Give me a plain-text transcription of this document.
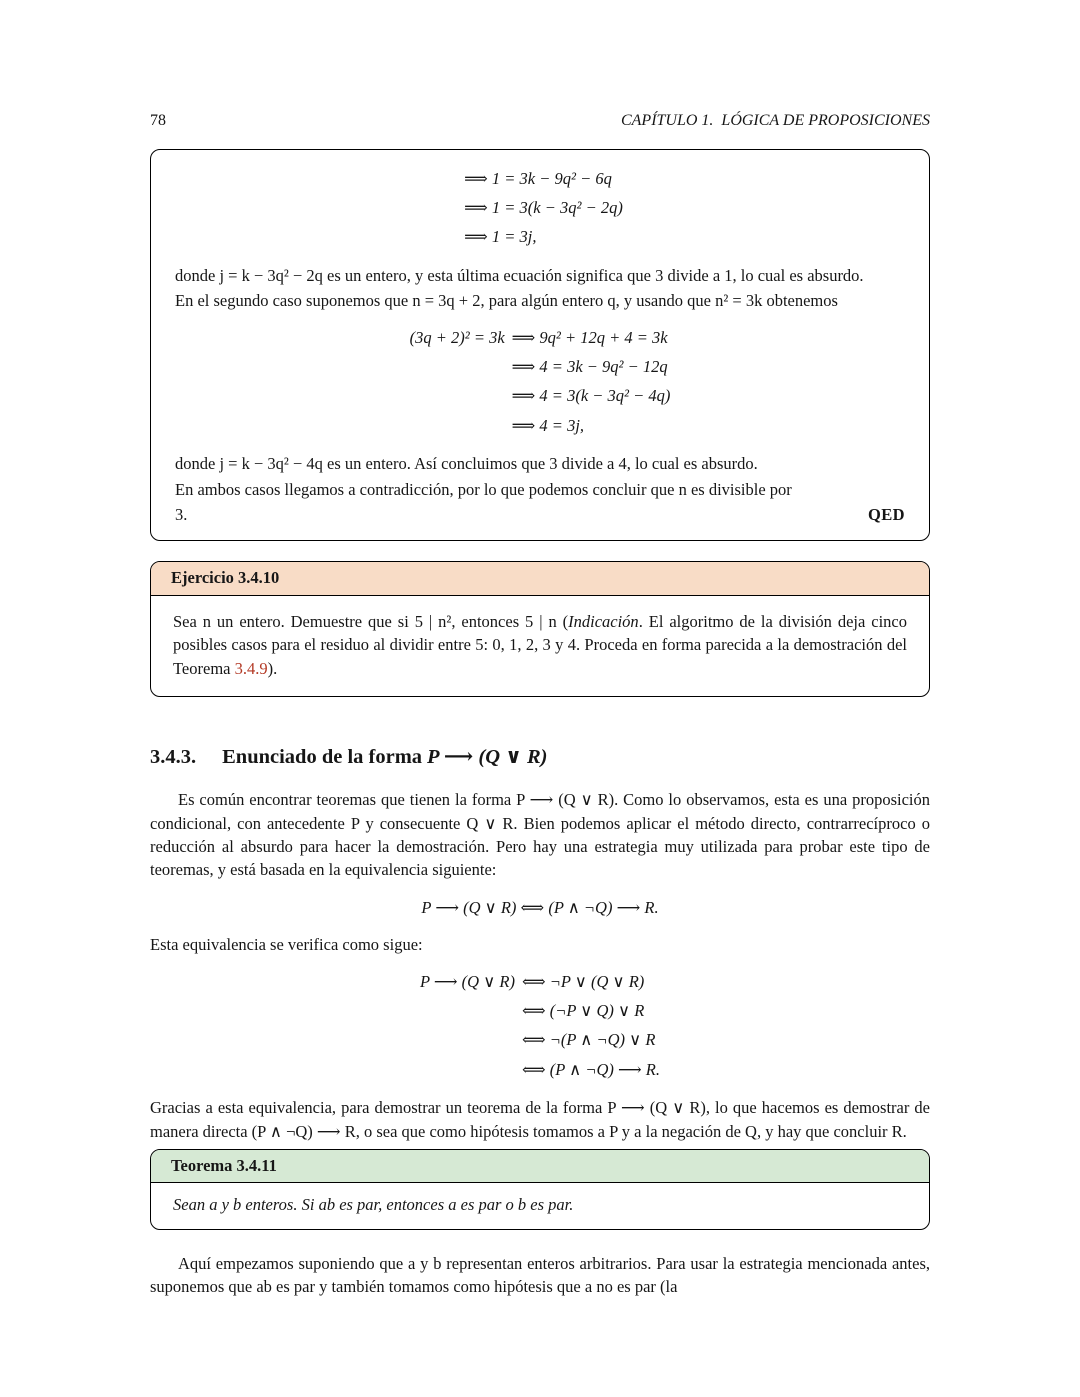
78	CAPÍTULO 1.  LÓGICA DE PROPOSICIONES
	⟹ 1 = 3k − 9q² − 6q
	⟹ 1 = 3(k − 3q² − 2q)
	⟹ 1 = 3j,

donde j = k − 3q² − 2q es un entero, y esta última ecuación significa que 3 divide a 1, lo cual es absurdo.

En el segundo caso suponemos que n = 3q + 2, para algún entero q, y usando que n² = 3k obtenemos

(3q + 2)² = 3k	⟹ 9q² + 12q + 4 = 3k
	⟹ 4 = 3k − 9q² − 12q
	⟹ 4 = 3(k − 3q² − 4q)
	⟹ 4 = 3j,

donde j = k − 3q² − 4q es un entero. Así concluimos que 3 divide a 4, lo cual es absurdo.

En ambos casos llegamos a contradicción, por lo que podemos concluir que n es divisible por

3.	QED
Ejercicio 3.4.10

Sea n un entero. Demuestre que si 5 | n², entonces 5 | n (Indicación. El algoritmo de la división deja cinco posibles casos para el residuo al dividir entre 5: 0, 1, 2, 3 y 4. Proceda en forma parecida a la demostración del Teorema 3.4.9).

3.4.3. Enunciado de la forma P ⟶ (Q ∨ R)

Es común encontrar teoremas que tienen la forma P ⟶ (Q ∨ R). Como lo observamos, esta es una proposición condicional, con antecedente P y consecuente Q ∨ R. Bien podemos aplicar el método directo, contrarrecíproco o reducción al absurdo para hacer la demostración. Pero hay una estrategia muy utilizada para probar este tipo de teoremas, y está basada en la equivalencia siguiente:

P ⟶ (Q ∨ R) ⟺ (P ∧ ¬Q) ⟶ R.

Esta equivalencia se verifica como sigue:

P ⟶ (Q ∨ R)	⟺ ¬P ∨ (Q ∨ R)
	⟺ (¬P ∨ Q) ∨ R
	⟺ ¬(P ∧ ¬Q) ∨ R
	⟺ (P ∧ ¬Q) ⟶ R.

Gracias a esta equivalencia, para demostrar un teorema de la forma P ⟶ (Q ∨ R), lo que hacemos es demostrar de manera directa (P ∧ ¬Q) ⟶ R, o sea que como hipótesis tomamos a P y a la negación de Q, y hay que concluir R.

Teorema 3.4.11

Sean a y b enteros. Si ab es par, entonces a es par o b es par.

Aquí empezamos suponiendo que a y b representan enteros arbitrarios. Para usar la estrategia mencionada antes, suponemos que ab es par y también tomamos como hipótesis que a no es par (la
